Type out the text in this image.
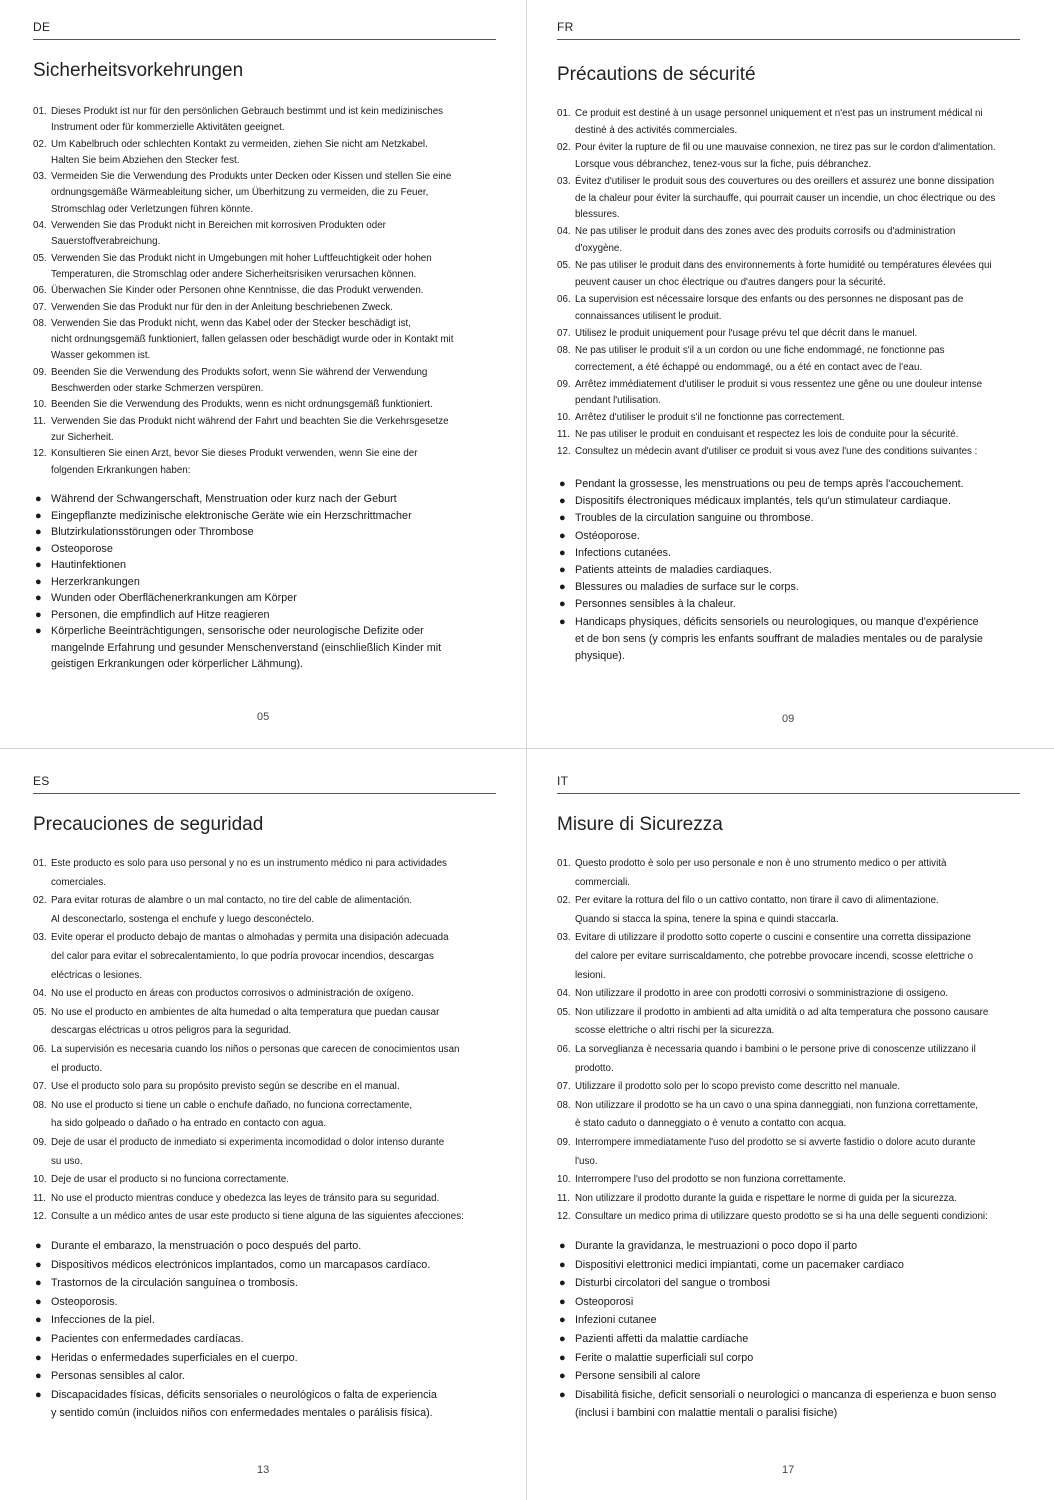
DE
Sicherheitsvorkehrungen
01. Dieses Produkt ist nur für den persönlichen Gebrauch bestimmt und ist kein medizinisches
Instrument oder für kommerzielle Aktivitäten geeignet.
02. Um Kabelbruch oder schlechten Kontakt zu vermeiden, ziehen Sie nicht am Netzkabel.
Halten Sie beim Abziehen den Stecker fest.
03. Vermeiden Sie die Verwendung des Produkts unter Decken oder Kissen und stellen Sie eine
ordnungsgemäße Wärmeableitung sicher, um Überhitzung zu vermeiden, die zu Feuer,
Stromschlag oder Verletzungen führen könnte.
04. Verwenden Sie das Produkt nicht in Bereichen mit korrosiven Produkten oder
Sauerstoffverabreichung.
05. Verwenden Sie das Produkt nicht in Umgebungen mit hoher Luftfeuchtigkeit oder hohen
Temperaturen, die Stromschlag oder andere Sicherheitsrisiken verursachen können.
06. Überwachen Sie Kinder oder Personen ohne Kenntnisse, die das Produkt verwenden.
07. Verwenden Sie das Produkt nur für den in der Anleitung beschriebenen Zweck.
08. Verwenden Sie das Produkt nicht, wenn das Kabel oder der Stecker beschädigt ist,
nicht ordnungsgemäß funktioniert, fallen gelassen oder beschädigt wurde oder in Kontakt mit
Wasser gekommen ist.
09. Beenden Sie die Verwendung des Produkts sofort, wenn Sie während der Verwendung
Beschwerden oder starke Schmerzen verspüren.
10. Beenden Sie die Verwendung des Produkts, wenn es nicht ordnungsgemäß funktioniert.
11. Verwenden Sie das Produkt nicht während der Fahrt und beachten Sie die Verkehrsgesetze
zur Sicherheit.
12. Konsultieren Sie einen Arzt, bevor Sie dieses Produkt verwenden, wenn Sie eine der
folgenden Erkrankungen haben:
● Während der Schwangerschaft, Menstruation oder kurz nach der Geburt
● Eingepflanzte medizinische elektronische Geräte wie ein Herzschrittmacher
● Blutzirkulationsstörungen oder Thrombose
● Osteoporose
● Hautinfektionen
● Herzerkrankungen
● Wunden oder Oberflächenerkrankungen am Körper
● Personen, die empfindlich auf Hitze reagieren
● Körperliche Beeinträchtigungen, sensorische oder neurologische Defizite oder
mangelnde Erfahrung und gesunder Menschenverstand (einschließlich Kinder mit
geistigen Erkrankungen oder körperlicher Lähmung).
05
FR
Précautions de sécurité
01. Ce produit est destiné à un usage personnel uniquement et n'est pas un instrument médical ni
destiné à des activités commerciales.
02. Pour éviter la rupture de fil ou une mauvaise connexion, ne tirez pas sur le cordon d'alimentation.
Lorsque vous débranchez, tenez-vous sur la fiche, puis débranchez.
03. Évitez d'utiliser le produit sous des couvertures ou des oreillers et assurez une bonne dissipation
de la chaleur pour éviter la surchauffe, qui pourrait causer un incendie, un choc électrique ou des
blessures.
04. Ne pas utiliser le produit dans des zones avec des produits corrosifs ou d'administration
d'oxygène.
05. Ne pas utiliser le produit dans des environnements à forte humidité ou températures élevées qui
peuvent causer un choc électrique ou d'autres dangers pour la sécurité.
06. La supervision est nécessaire lorsque des enfants ou des personnes ne disposant pas de
connaissances utilisent le produit.
07. Utilisez le produit uniquement pour l'usage prévu tel que décrit dans le manuel.
08. Ne pas utiliser le produit s'il a un cordon ou une fiche endommagé, ne fonctionne pas
correctement, a été échappé ou endommagé, ou a été en contact avec de l'eau.
09. Arrêtez immédiatement d'utiliser le produit si vous ressentez une gêne ou une douleur intense
pendant l'utilisation.
10. Arrêtez d'utiliser le produit s'il ne fonctionne pas correctement.
11. Ne pas utiliser le produit en conduisant et respectez les lois de conduite pour la sécurité.
12. Consultez un médecin avant d'utiliser ce produit si vous avez l'une des conditions suivantes :
● Pendant la grossesse, les menstruations ou peu de temps après l'accouchement.
● Dispositifs électroniques médicaux implantés, tels qu'un stimulateur cardiaque.
● Troubles de la circulation sanguine ou thrombose.
● Ostéoporose.
● Infections cutanées.
● Patients atteints de maladies cardiaques.
● Blessures ou maladies de surface sur le corps.
● Personnes sensibles à la chaleur.
● Handicaps physiques, déficits sensoriels ou neurologiques, ou manque d'expérience
et de bon sens (y compris les enfants souffrant de maladies mentales ou de paralysie
physique).
09
ES
Precauciones de seguridad
01. Este producto es solo para uso personal y no es un instrumento médico ni para actividades
comerciales.
02. Para evitar roturas de alambre o un mal contacto, no tire del cable de alimentación.
Al desconectarlo, sostenga el enchufe y luego desconéctelo.
03. Evite operar el producto debajo de mantas o almohadas y permita una disipación adecuada
del calor para evitar el sobrecalentamiento, lo que podría provocar incendios, descargas
eléctricas o lesiones.
04. No use el producto en áreas con productos corrosivos o administración de oxígeno.
05. No use el producto en ambientes de alta humedad o alta temperatura que puedan causar
descargas eléctricas u otros peligros para la seguridad.
06. La supervisión es necesaria cuando los niños o personas que carecen de conocimientos usan
el producto.
07. Use el producto solo para su propósito previsto según se describe en el manual.
08. No use el producto si tiene un cable o enchufe dañado, no funciona correctamente,
ha sido golpeado o dañado o ha entrado en contacto con agua.
09. Deje de usar el producto de inmediato si experimenta incomodidad o dolor intenso durante
su uso.
10. Deje de usar el producto si no funciona correctamente.
11. No use el producto mientras conduce y obedezca las leyes de tránsito para su seguridad.
12. Consulte a un médico antes de usar este producto si tiene alguna de las siguientes afecciones:
● Durante el embarazo, la menstruación o poco después del parto.
● Dispositivos médicos electrónicos implantados, como un marcapasos cardíaco.
● Trastornos de la circulación sanguínea o trombosis.
● Osteoporosis.
● Infecciones de la piel.
● Pacientes con enfermedades cardíacas.
● Heridas o enfermedades superficiales en el cuerpo.
● Personas sensibles al calor.
● Discapacidades físicas, déficits sensoriales o neurológicos o falta de experiencia
y sentido común (incluidos niños con enfermedades mentales o parálisis física).
13
IT
Misure di Sicurezza
01. Questo prodotto è solo per uso personale e non è uno strumento medico o per attività
commerciali.
02. Per evitare la rottura del filo o un cattivo contatto, non tirare il cavo di alimentazione.
Quando si stacca la spina, tenere la spina e quindi staccarla.
03. Evitare di utilizzare il prodotto sotto coperte o cuscini e consentire una corretta dissipazione
del calore per evitare surriscaldamento, che potrebbe provocare incendi, scosse elettriche o
lesioni.
04. Non utilizzare il prodotto in aree con prodotti corrosivi o somministrazione di ossigeno.
05. Non utilizzare il prodotto in ambienti ad alta umidità o ad alta temperatura che possono causare
scosse elettriche o altri rischi per la sicurezza.
06. La sorveglianza è necessaria quando i bambini o le persone prive di conoscenze utilizzano il
prodotto.
07. Utilizzare il prodotto solo per lo scopo previsto come descritto nel manuale.
08. Non utilizzare il prodotto se ha un cavo o una spina danneggiati, non funziona correttamente,
è stato caduto o danneggiato o è venuto a contatto con acqua.
09. Interrompere immediatamente l'uso del prodotto se si avverte fastidio o dolore acuto durante
l'uso.
10. Interrompere l'uso del prodotto se non funziona correttamente.
11. Non utilizzare il prodotto durante la guida e rispettare le norme di guida per la sicurezza.
12. Consultare un medico prima di utilizzare questo prodotto se si ha una delle seguenti condizioni:
● Durante la gravidanza, le mestruazioni o poco dopo il parto
● Dispositivi elettronici medici impiantati, come un pacemaker cardiaco
● Disturbi circolatori del sangue o trombosi
● Osteoporosi
● Infezioni cutanee
● Pazienti affetti da malattie cardiache
● Ferite o malattie superficiali sul corpo
● Persone sensibili al calore
● Disabilità fisiche, deficit sensoriali o neurologici o mancanza di esperienza e buon senso
(inclusi i bambini con malattie mentali o paralisi fisiche)
17
